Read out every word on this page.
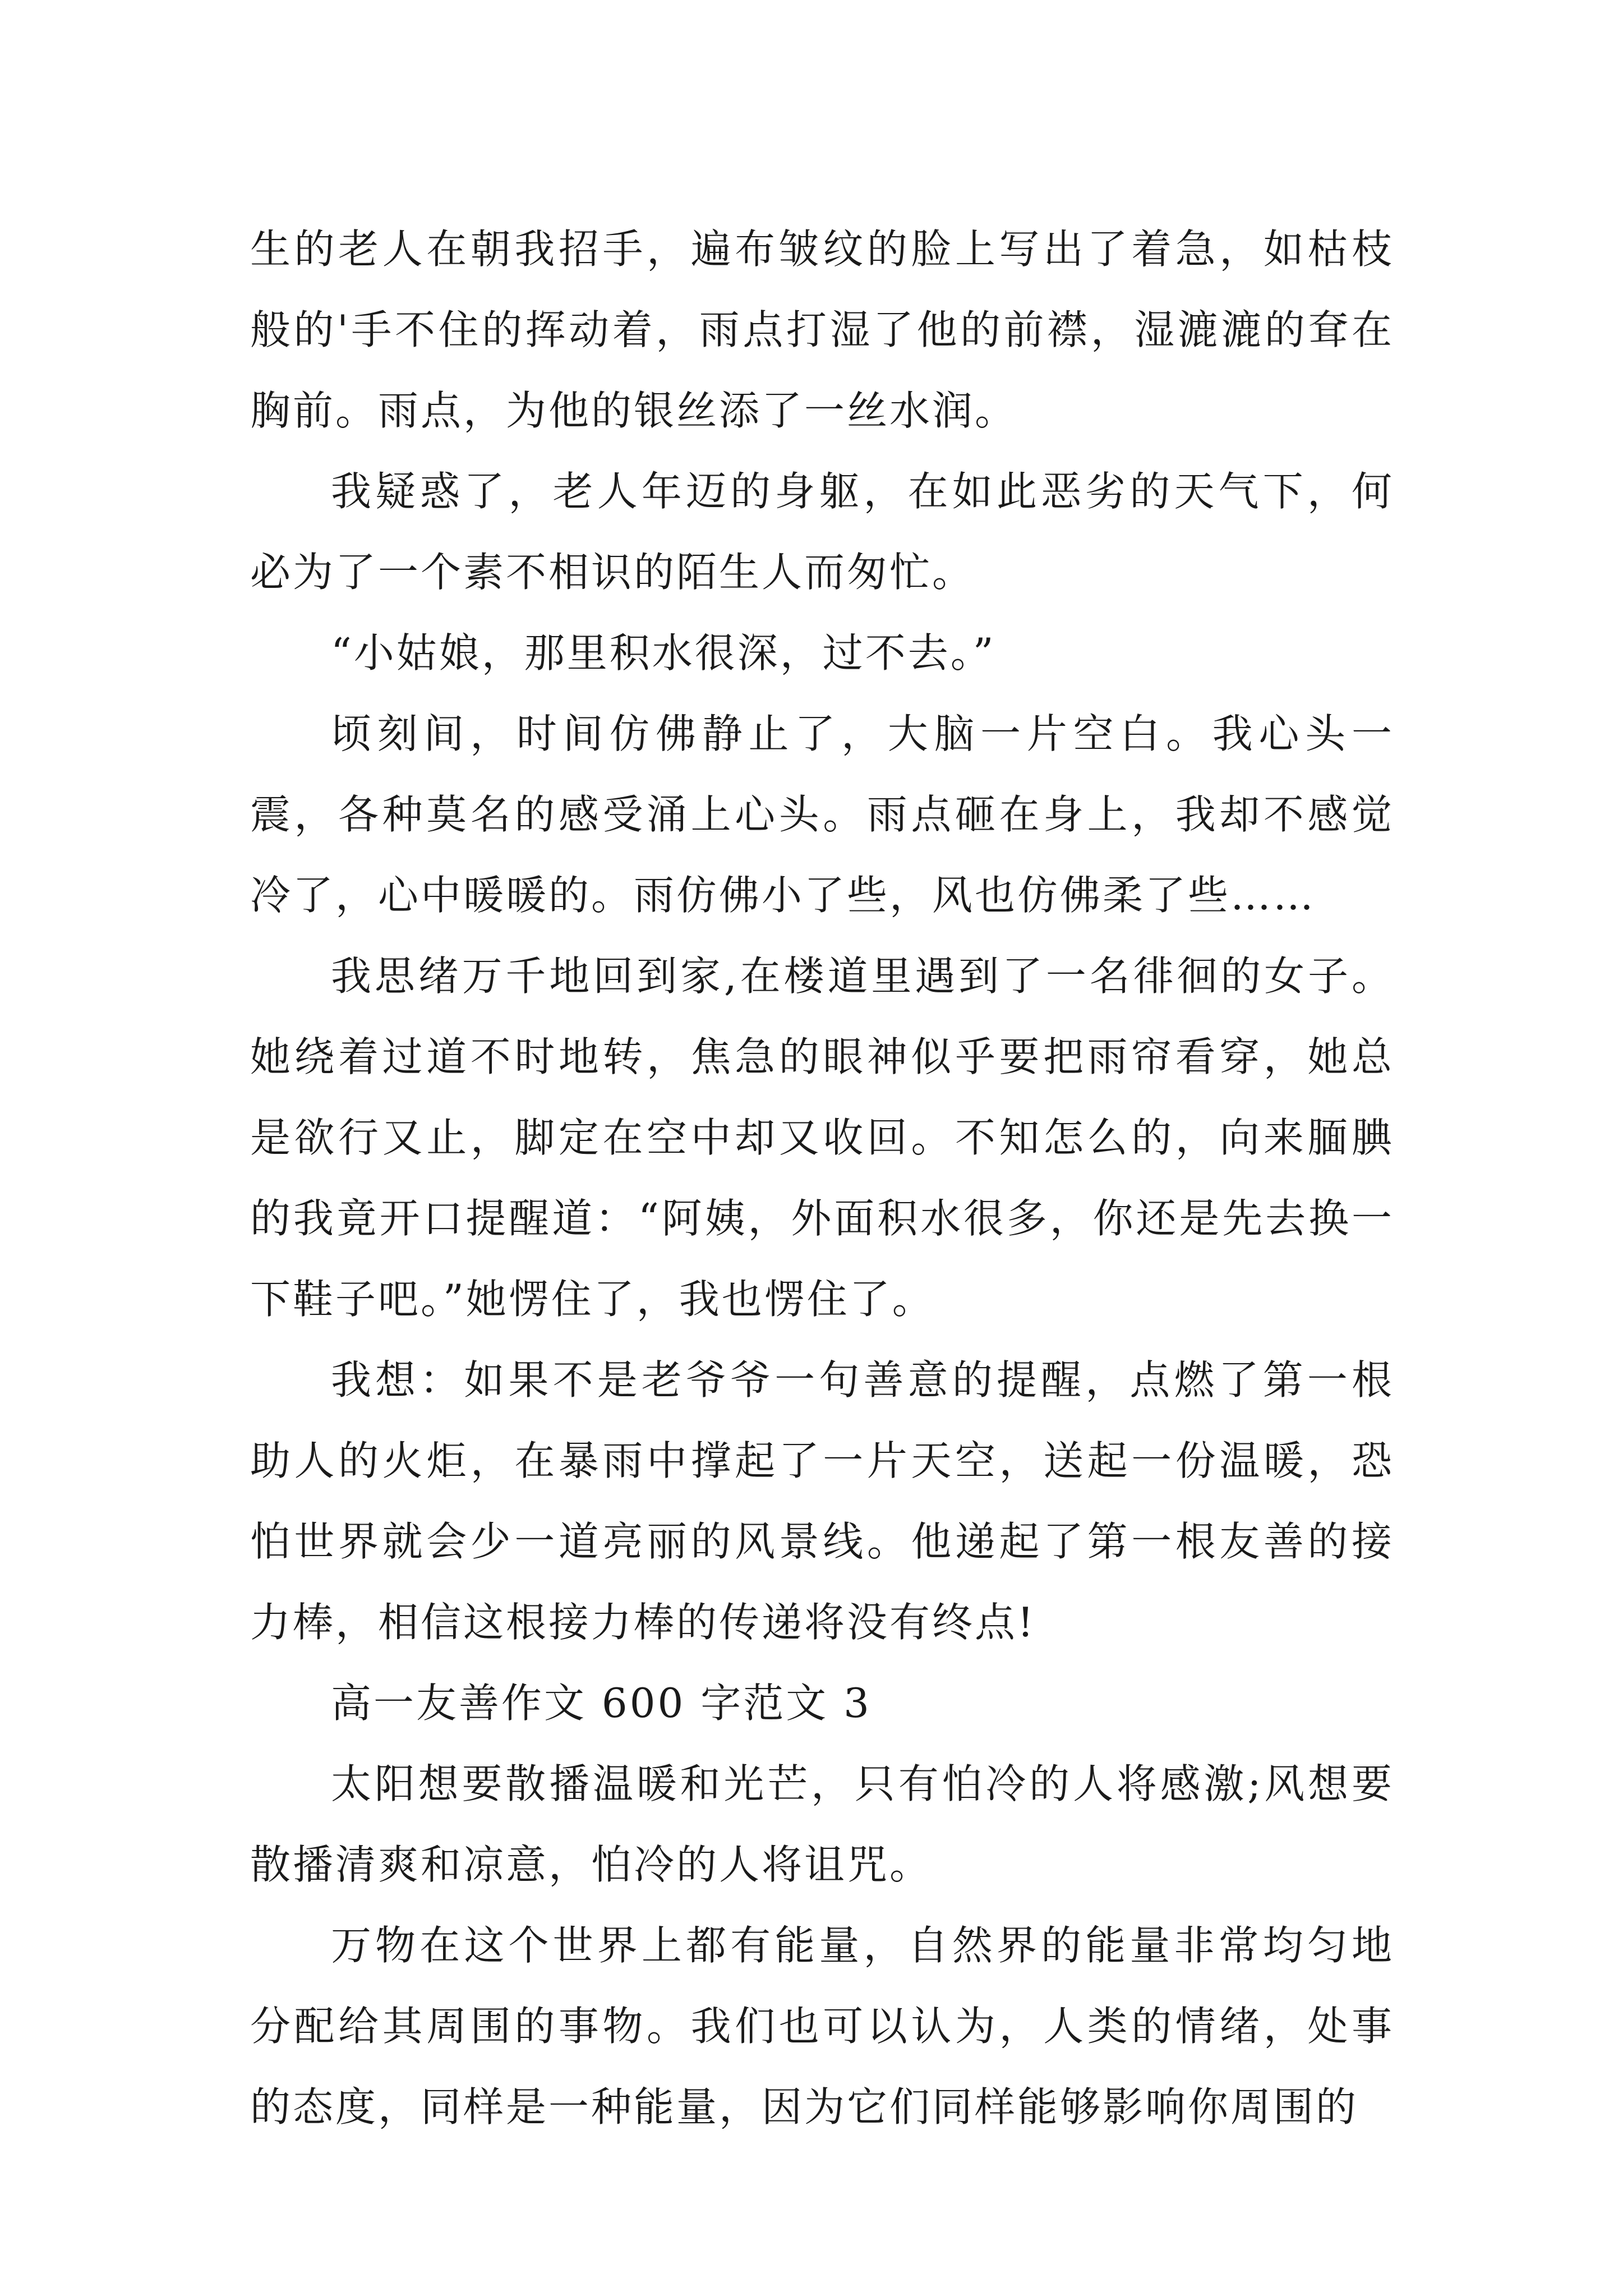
生的老人在朝我招手，遍布皱纹的脸上写出了着急，如枯枝般的'手不住的挥动着，雨点打湿了他的前襟，湿漉漉的耷在胸前。雨点，为他的银丝添了一丝水润。

我疑惑了，老人年迈的身躯，在如此恶劣的天气下，何必为了一个素不相识的陌生人而匆忙。

“小姑娘，那里积水很深，过不去。”

顷刻间，时间仿佛静止了，大脑一片空白。我心头一震，各种莫名的感受涌上心头。雨点砸在身上，我却不感觉冷了，心中暖暖的。雨仿佛小了些，风也仿佛柔了些……

我思绪万千地回到家,在楼道里遇到了一名徘徊的女子。她绕着过道不时地转，焦急的眼神似乎要把雨帘看穿，她总是欲行又止，脚定在空中却又收回。不知怎么的，向来腼腆的我竟开口提醒道：“阿姨，外面积水很多，你还是先去换一下鞋子吧。”她愣住了，我也愣住了。

我想：如果不是老爷爷一句善意的提醒，点燃了第一根助人的火炬，在暴雨中撑起了一片天空，送起一份温暖，恐怕世界就会少一道亮丽的风景线。他递起了第一根友善的接力棒，相信这根接力棒的传递将没有终点!

高一友善作文 600 字范文 3

太阳想要散播温暖和光芒，只有怕冷的人将感激;风想要散播清爽和凉意，怕冷的人将诅咒。

万物在这个世界上都有能量，自然界的能量非常均匀地分配给其周围的事物。我们也可以认为，人类的情绪，处事的态度，同样是一种能量，因为它们同样能够影响你周围的
